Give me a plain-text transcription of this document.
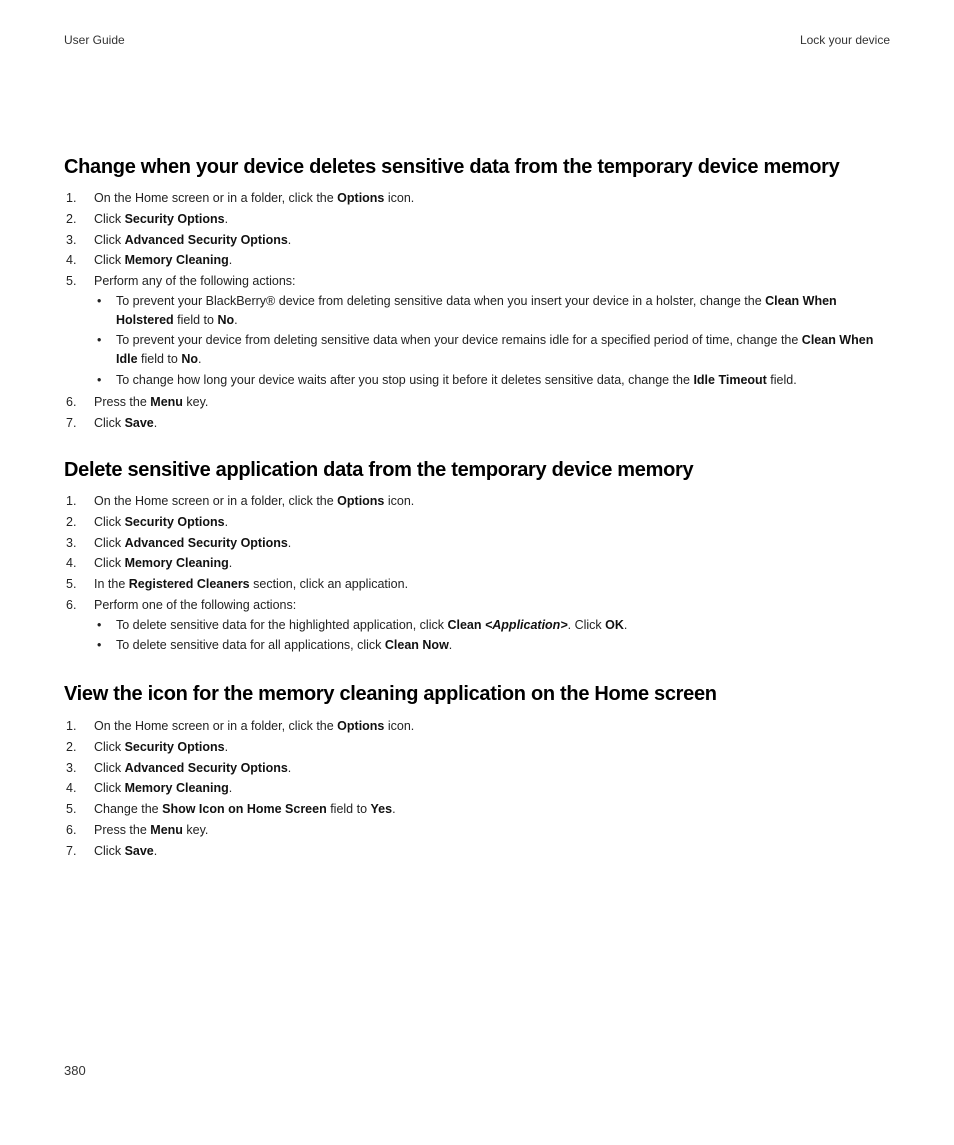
User Guide	Lock your device
Change when your device deletes sensitive data from the temporary device memory
1. On the Home screen or in a folder, click the Options icon.
2. Click Security Options.
3. Click Advanced Security Options.
4. Click Memory Cleaning.
5. Perform any of the following actions:
• To prevent your BlackBerry® device from deleting sensitive data when you insert your device in a holster, change the Clean When Holstered field to No.
• To prevent your device from deleting sensitive data when your device remains idle for a specified period of time, change the Clean When Idle field to No.
• To change how long your device waits after you stop using it before it deletes sensitive data, change the Idle Timeout field.
6. Press the Menu key.
7. Click Save.
Delete sensitive application data from the temporary device memory
1. On the Home screen or in a folder, click the Options icon.
2. Click Security Options.
3. Click Advanced Security Options.
4. Click Memory Cleaning.
5. In the Registered Cleaners section, click an application.
6. Perform one of the following actions:
• To delete sensitive data for the highlighted application, click Clean <Application>. Click OK.
• To delete sensitive data for all applications, click Clean Now.
View the icon for the memory cleaning application on the Home screen
1. On the Home screen or in a folder, click the Options icon.
2. Click Security Options.
3. Click Advanced Security Options.
4. Click Memory Cleaning.
5. Change the Show Icon on Home Screen field to Yes.
6. Press the Menu key.
7. Click Save.
380
